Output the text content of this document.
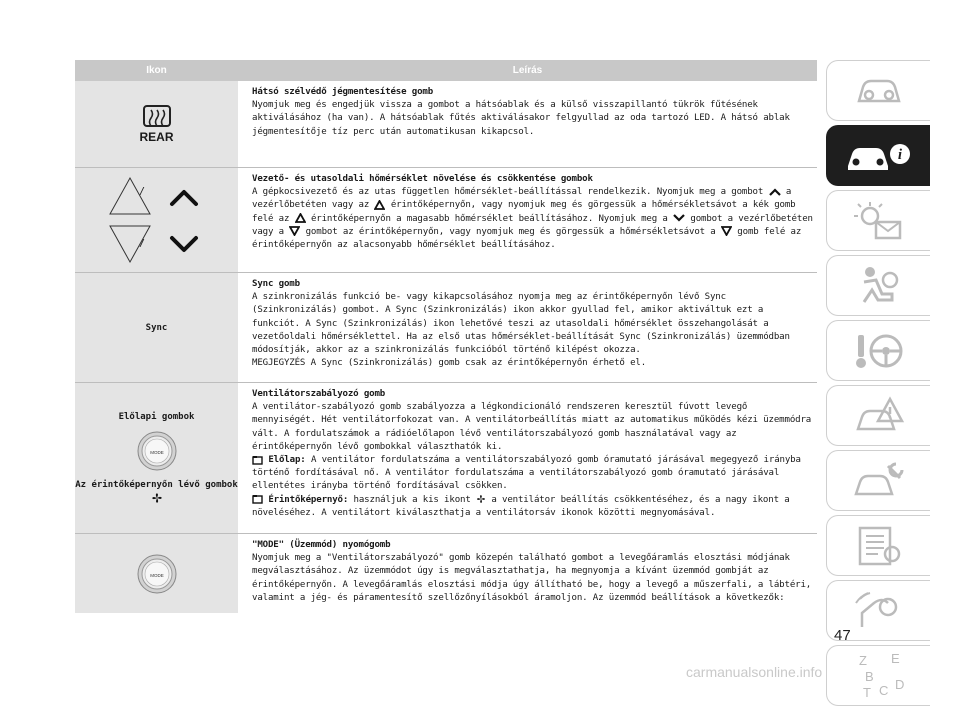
Ikon	Leírás
REAR

Hátsó szélvédő jégmentesítése gomb

Nyomjuk meg és engedjük vissza a gombot a hátsóablak és a külső visszapillantó tükrök fűtésének aktiválásához (ha van). A hátsóablak fűtés aktiválásakor felgyullad az oda tartozó LED. A hátsó ablak jégmentesítője tíz perc után automatikusan kikapcsol.

/
/

Vezető- és utasoldali hőmérséklet növelése és csökkentése gombok

A gépkocsivezető és az utas független hőmérséklet-beállítással rendelkezik. Nyomjuk meg a gombot a vezérlőbetéten vagy az érintőképernyőn, vagy nyomjuk meg és görgessük a hőmérsékletsávot a kék gomb felé az érintőképernyőn a magasabb hőmérséklet beállításához. Nyomjuk meg a gombot a vezérlőbetéten vagy a gombot az érintőképernyőn, vagy nyomjuk meg és görgessük a hőmérsékletsávot a gomb felé az érintőképernyőn az alacsonyabb hőmérséklet beállításához.

Sync

Sync gomb

A szinkronizálás funkció be- vagy kikapcsolásához nyomja meg az érintőképernyőn lévő Sync (Szinkronizálás) gombot. A Sync (Szinkronizálás) ikon akkor gyullad fel, amikor aktiváltuk ezt a funkciót. A Sync (Szinkronizálás) ikon lehetővé teszi az utasoldali hőmérséklet összehangolását a vezetőoldali hőmérséklettel. Ha az első utas hőmérséklet-beállítását Sync (Szinkronizálás) üzemmódban módosítják, akkor az a szinkronizálás funkcióból történő kilépést okozza.

MEGJEGYZÉS A Sync (Szinkronizálás) gomb csak az érintőképernyőn érhető el.

Előlapi gombok
MODE
Az érintőképernyőn lévő gombok

Ventilátorszabályozó gomb

A ventilátor-szabályozó gomb szabályozza a légkondicionáló rendszeren keresztül fúvott levegő mennyiségét. Hét ventilátorfokozat van. A ventilátorbeállítás miatt az automatikus működés kézi üzemmódra vált. A fordulatszámok a rádióelőlapon lévő ventilátorszabályozó gomb használatával vagy az érintőképernyőn lévő gombokkal választhatók ki.

Előlap: A ventilátor fordulatszáma a ventilátorszabályozó gomb óramutató járásával megegyező irányba történő fordításával nő. A ventilátor fordulatszáma a ventilátorszabályozó gomb óramutató járásával ellentétes irányba történő fordításával csökken.

Érintőképernyő: használjuk a kis ikont a ventilátor beállítás csökkentéséhez, és a nagy ikont a növeléséhez. A ventilátort kiválaszthatja a ventilátorsáv ikonok közötti megnyomásával.

MODE

"MODE" (Üzemmód) nyomógomb

Nyomjuk meg a "Ventilátorszabályozó" gomb közepén található gombot a levegőáramlás elosztási módjának megválasztásához. Az üzemmódot úgy is megválasztathatja, ha megnyomja a kívánt üzemmód gombját az érintőképernyőn. A levegőáramlás elosztási módja úgy állítható be, hogy a levegő a műszerfali, a lábtéri, valamint a jég- és páramentesítő szellőzőnyílásokból áramoljon. Az üzemmód beállítások a következők:

i
Z E
B
C
T
D
47
carmanualsonline.info
